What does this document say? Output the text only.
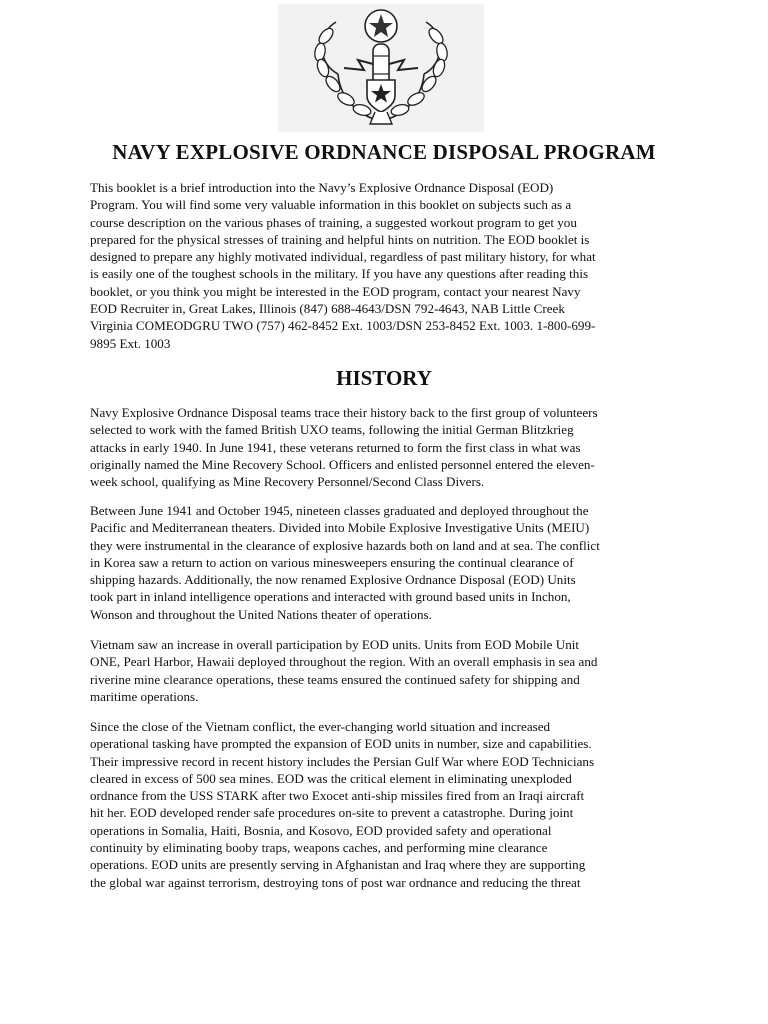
NAVY EXPLOSIVE ORDNANCE DISPOSAL PROGRAM
This booklet is a brief introduction into the Navy’s Explosive Ordnance Disposal (EOD)
Program. You will find some very valuable information in this booklet on subjects such as a
course description on the various phases of training, a suggested workout program to get you
prepared for the physical stresses of training and helpful hints on nutrition. The EOD booklet is
designed to prepare any highly motivated individual, regardless of past military history, for what
is easily one of the toughest schools in the military. If you have any questions after reading this
booklet, or you think you might be interested in the EOD program, contact your nearest Navy
EOD Recruiter in, Great Lakes, Illinois (847) 688-4643/DSN 792-4643, NAB Little Creek
Virginia COMEODGRU TWO (757) 462-8452 Ext. 1003/DSN 253-8452 Ext. 1003. 1-800-699-
9895 Ext. 1003
HISTORY
Navy Explosive Ordnance Disposal teams trace their history back to the first group of volunteers
selected to work with the famed British UXO teams, following the initial German Blitzkrieg
attacks in early 1940. In June 1941, these veterans returned to form the first class in what was
originally named the Mine Recovery School. Officers and enlisted personnel entered the eleven-
week school, qualifying as Mine Recovery Personnel/Second Class Divers.
Between June 1941 and October 1945, nineteen classes graduated and deployed throughout the
Pacific and Mediterranean theaters. Divided into Mobile Explosive Investigative Units (MEIU)
they were instrumental in the clearance of explosive hazards both on land and at sea. The conflict
in Korea saw a return to action on various minesweepers ensuring the continual clearance of
shipping hazards. Additionally, the now renamed Explosive Ordnance Disposal (EOD) Units
took part in inland intelligence operations and interacted with ground based units in Inchon,
Wonson and throughout the United Nations theater of operations.
Vietnam saw an increase in overall participation by EOD units. Units from EOD Mobile Unit
ONE, Pearl Harbor, Hawaii deployed throughout the region. With an overall emphasis in sea and
riverine mine clearance operations, these teams ensured the continued safety for shipping and
maritime operations.
Since the close of the Vietnam conflict, the ever-changing world situation and increased
operational tasking have prompted the expansion of EOD units in number, size and capabilities.
Their impressive record in recent history includes the Persian Gulf War where EOD Technicians
cleared in excess of 500 sea mines. EOD was the critical element in eliminating unexploded
ordnance from the USS STARK after two Exocet anti-ship missiles fired from an Iraqi aircraft
hit her. EOD developed render safe procedures on-site to prevent a catastrophe. During joint
operations in Somalia, Haiti, Bosnia, and Kosovo, EOD provided safety and operational
continuity by eliminating booby traps, weapons caches, and performing mine clearance
operations. EOD units are presently serving in Afghanistan and Iraq where they are supporting
the global war against terrorism, destroying tons of post war ordnance and reducing the threat
